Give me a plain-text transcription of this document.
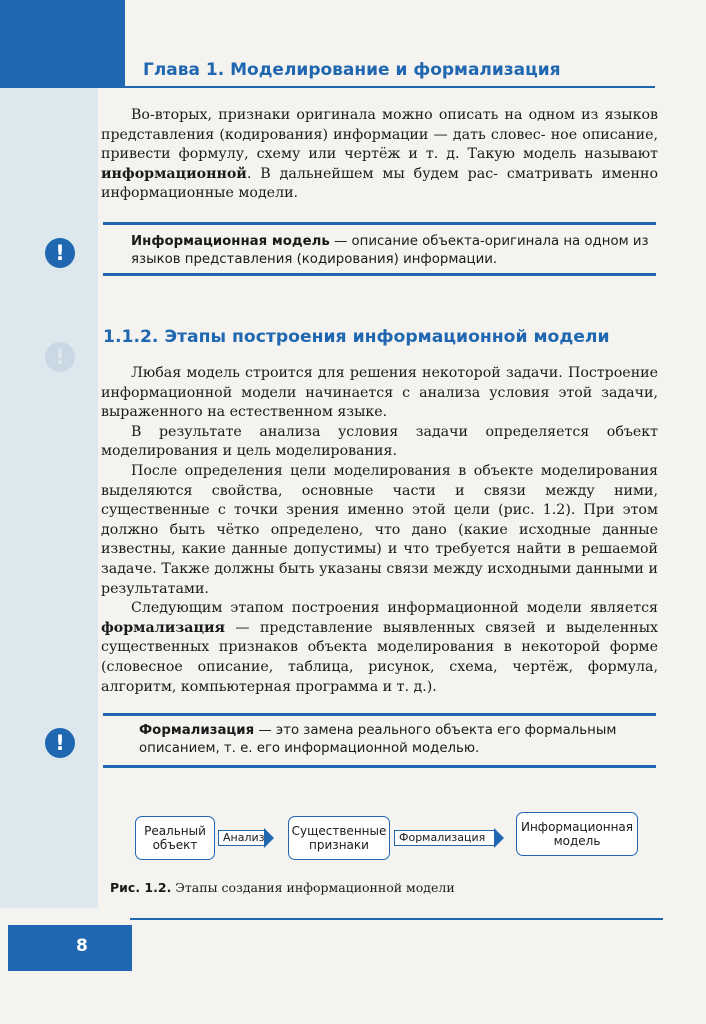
Глава 1. Моделирование и формализация

Во-вторых, признаки оригинала можно описать на одном из языков представления (кодирования) информации — дать словес- ное описание, привести формулу, схему или чертёж и т. д. Такую модель называют информационной. В дальнейшем мы будем рас- сматривать именно информационные модели.

!	Информационная модель — описание объекта-оригинала на одном из языков представления (кодирования) информации.
!
1.1.2. Этапы построения информационной модели

Любая модель строится для решения некоторой задачи. Построение информационной модели начинается с анализа условия этой задачи, выраженного на естественном языке.

В результате анализа условия задачи определяется объект моделирования и цель моделирования.

После определения цели моделирования в объекте моделирования выделяются свойства, основные части и связи между ними, существенные с точки зрения именно этой цели (рис. 1.2). При этом должно быть чётко определено, что дано (какие исходные данные известны, какие данные допустимы) и что требуется найти в решаемой задаче. Также должны быть указаны связи между исходными данными и результатами.

Следующим этапом построения информационной модели является формализация — представление выявленных связей и выделенных существенных признаков объекта моделирования в некоторой форме (словесное описание, таблица, рисунок, схема, чертёж, формула, алгоритм, компьютерная программа и т. д.).

!
Формализация — это замена реального объекта его формальным описанием, т. е. его информационной моделью.
Реальный объект
Анализ	Существенные признаки
Формализация
Информационная модель
Рис. 1.2. Этапы создания информационной модели
8
